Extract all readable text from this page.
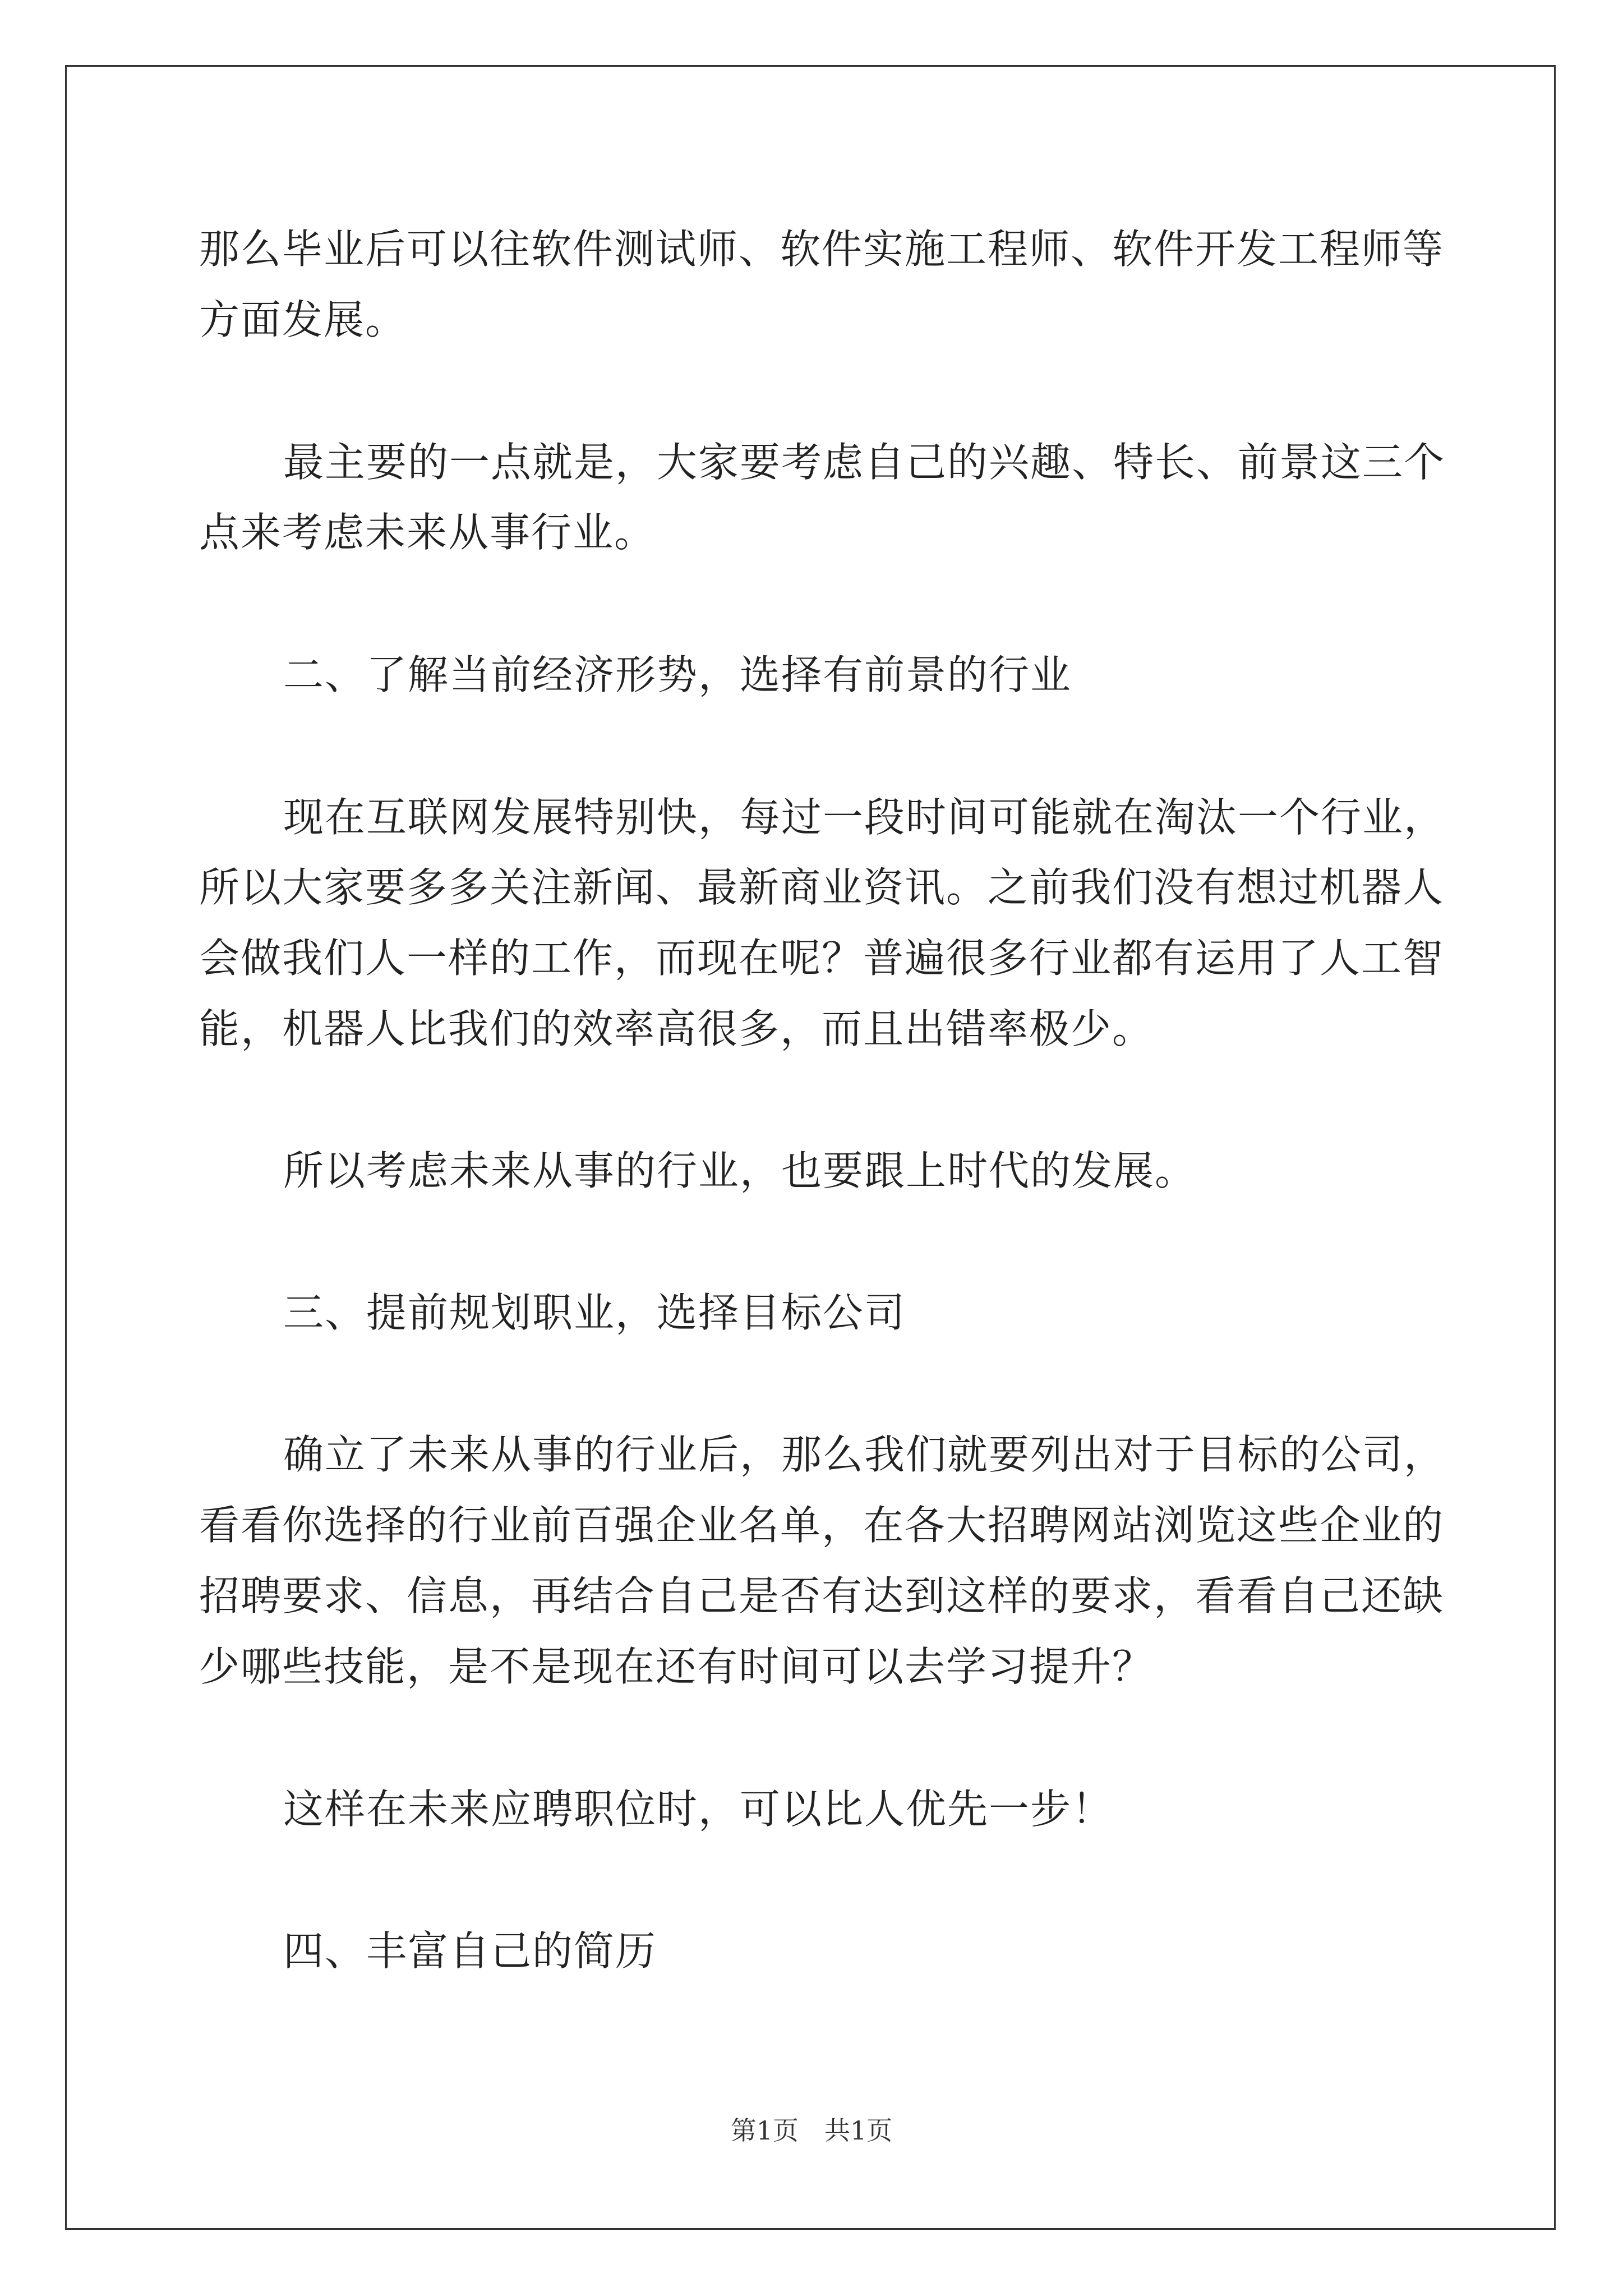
那么毕业后可以往软件测试师、软件实施工程师、软件开发工程师等
方面发展。
最主要的一点就是，大家要考虑自己的兴趣、特长、前景这三个
点来考虑未来从事行业。
二、了解当前经济形势，选择有前景的行业
现在互联网发展特别快，每过一段时间可能就在淘汰一个行业，
所以大家要多多关注新闻、最新商业资讯。之前我们没有想过机器人
会做我们人一样的工作，而现在呢？普遍很多行业都有运用了人工智
能，机器人比我们的效率高很多，而且出错率极少。
所以考虑未来从事的行业，也要跟上时代的发展。
三、提前规划职业，选择目标公司
确立了未来从事的行业后，那么我们就要列出对于目标的公司，
看看你选择的行业前百强企业名单，在各大招聘网站浏览这些企业的
招聘要求、信息，再结合自己是否有达到这样的要求，看看自己还缺
少哪些技能，是不是现在还有时间可以去学习提升？
这样在未来应聘职位时，可以比人优先一步！
四、丰富自己的简历
第1页　共1页
